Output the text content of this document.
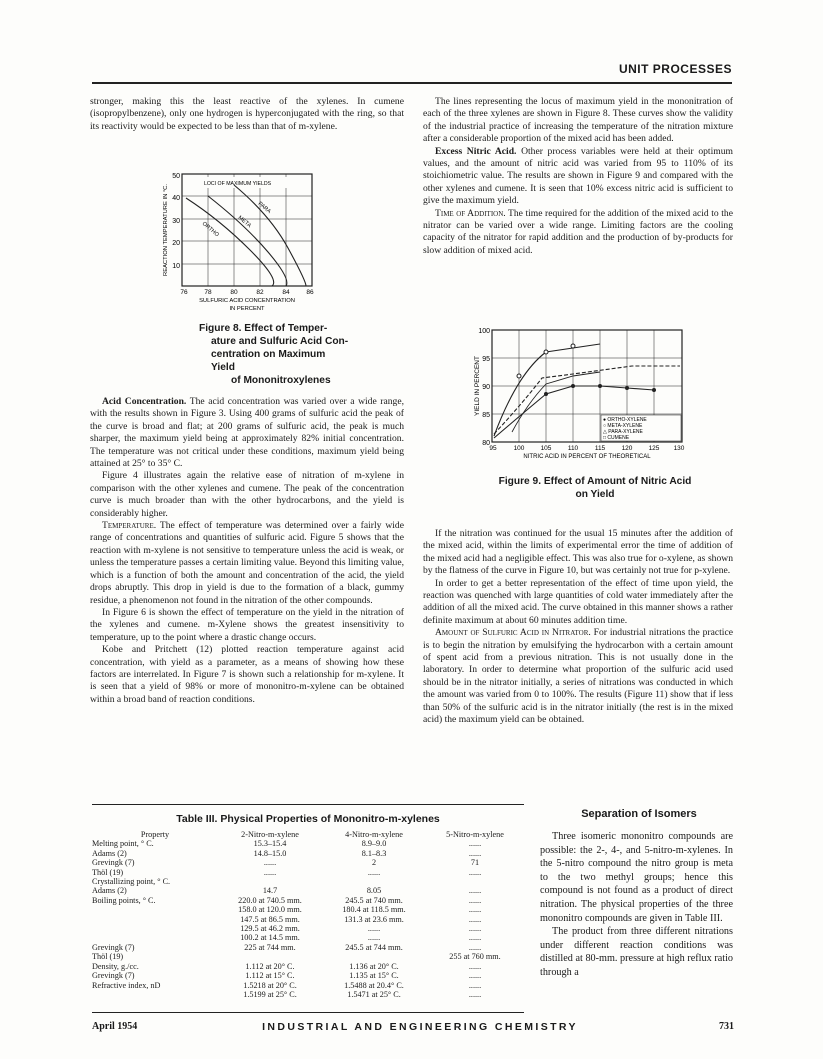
UNIT PROCESSES

stronger, making this the least reactive of the xylenes. In cumene (isopropylbenzene), only one hydrogen is hyperconjugated with the ring, so that its reactivity would be expected to be less than that of m-xylene.

LOCI OF MAXIMUM YIELDS
ORTHO	META
PARA
50
40
30
20
10
76	78	80	82	84	86
SULFURIC ACID CONCENTRATION
IN PERCENT
REACTION TEMPERATURE IN °C.
Figure 8. Effect of Temper-
ature and Sulfuric Acid Con-
centration on Maximum Yield
of Mononitroxylenes

Acid Concentration. The acid concentration was varied over a wide range, with the results shown in Figure 3. Using 400 grams of sulfuric acid the peak of the curve is broad and flat; at 200 grams of sulfuric acid, the peak is much sharper, the maximum yield being at approximately 82% initial concentration. The temperature was not critical under these conditions, maximum yield being attained at 25° to 35° C.

Figure 4 illustrates again the relative ease of nitration of m-xylene in comparison with the other xylenes and cumene. The peak of the concentration curve is much broader than with the other hydrocarbons, and the yield is considerably higher.

Temperature. The effect of temperature was determined over a fairly wide range of concentrations and quantities of sulfuric acid. Figure 5 shows that the reaction with m-xylene is not sensitive to temperature unless the acid is weak, or unless the temperature passes a certain limiting value. Beyond this limiting value, which is a function of both the amount and concentration of the acid, the yield drops abruptly. This drop in yield is due to the formation of a black, gummy residue, a phenomenon not found in the nitration of the other compounds.

In Figure 6 is shown the effect of temperature on the yield in the nitration of the xylenes and cumene. m-Xylene shows the greatest insensitivity to temperature, up to the point where a drastic change occurs.

Kobe and Pritchett (12) plotted reaction temperature against acid concentration, with yield as a parameter, as a means of showing how these factors are interrelated. In Figure 7 is shown such a relationship for m-xylene. It is seen that a yield of 98% or more of mononitro-m-xylene can be obtained within a broad band of reaction conditions.

The lines representing the locus of maximum yield in the mononitration of each of the three xylenes are shown in Figure 8. These curves show the validity of the industrial practice of increasing the temperature of the nitration mixture after a considerable proportion of the mixed acid has been added.

Excess Nitric Acid. Other process variables were held at their optimum values, and the amount of nitric acid was varied from 95 to 110% of its stoichiometric value. The results are shown in Figure 9 and compared with the other xylenes and cumene. It is seen that 10% excess nitric acid is sufficient to give the maximum yield.

Time of Addition. The time required for the addition of the mixed acid to the nitrator can be varied over a wide range. Limiting factors are the cooling capacity of the nitrator for rapid addition and the production of by-products for slow addition of mixed acid.

● ORTHO-XYLENE
○ META-XYLENE
△ PARA-XYLENE
□ CUMENE
100
95
90
85
80
95	100 105	110	115	120 125 130
NITRIC ACID IN PERCENT OF THEORETICAL
YIELD IN PERCENT
Figure 9. Effect of Amount of Nitric Acid
on Yield

If the nitration was continued for the usual 15 minutes after the addition of the mixed acid, within the limits of experimental error the time of addition of the mixed acid had a negligible effect. This was also true for o-xylene, as shown by the flatness of the curve in Figure 10, but was certainly not true for p-xylene.

In order to get a better representation of the effect of time upon yield, the reaction was quenched with large quantities of cold water immediately after the addition of all the mixed acid. The curve obtained in this manner shows a rather definite maximum at about 60 minutes addition time.

Amount of Sulfuric Acid in Nitrator. For industrial nitrations the practice is to begin the nitration by emulsifying the hydrocarbon with a certain amount of spent acid from a previous nitration. This is not usually done in the laboratory. In order to determine what proportion of the sulfuric acid used should be in the nitrator initially, a series of nitrations was conducted in which the amount was varied from 0 to 100%. The results (Figure 11) show that if less than 50% of the sulfuric acid is in the nitrator initially (the rest is in the mixed acid) the maximum yield can be obtained.

Table III. Physical Properties of Mononitro-m-xylenes
Property	2-Nitro-m-xylene	4-Nitro-m-xylene	5-Nitro-m-xylene
Melting point, ° C.	15.3–15.4	8.9–9.0	......
Adams (2)	14.8–15.0	8.1–8.3	......
Grevingk (7)	......	2	71
Thöl (19)	......	......	......
Crystallizing point, ° C.			
Adams (2)	14.7	8.05	......
Boiling points, ° C.	220.0 at 740.5 mm.	245.5 at 740 mm.	......
	158.0 at 120.0 mm.	180.4 at 118.5 mm.	......
	147.5 at 86.5 mm.	131.3 at 23.6 mm.	......
	129.5 at 46.2 mm.	......	......
	100.2 at 14.5 mm.	......	......
Grevingk (7)	225 at 744 mm.	245.5 at 744 mm.	......
Thöl (19)			255 at 760 mm.
Density, g./cc.	1.112 at 20° C.	1.136 at 20° C.	......
Grevingk (7)	1.112 at 15° C.	1.135 at 15° C.	......
Refractive index, nD	1.5218 at 20° C.	1.5488 at 20.4° C.	......
	1.5199 at 25° C.	1.5471 at 25° C.	......
Separation of Isomers

Three isomeric mononitro compounds are possible: the 2-, 4-, and 5-nitro-m-xylenes. In the 5-nitro compound the nitro group is meta to the two methyl groups; hence this compound is not found as a product of direct nitration. The physical properties of the three mononitro compounds are given in Table III.

The product from three different nitrations under different reaction conditions was distilled at 80-mm. pressure at high reflux ratio through a

April 1954	INDUSTRIAL AND ENGINEERING CHEMISTRY	731
